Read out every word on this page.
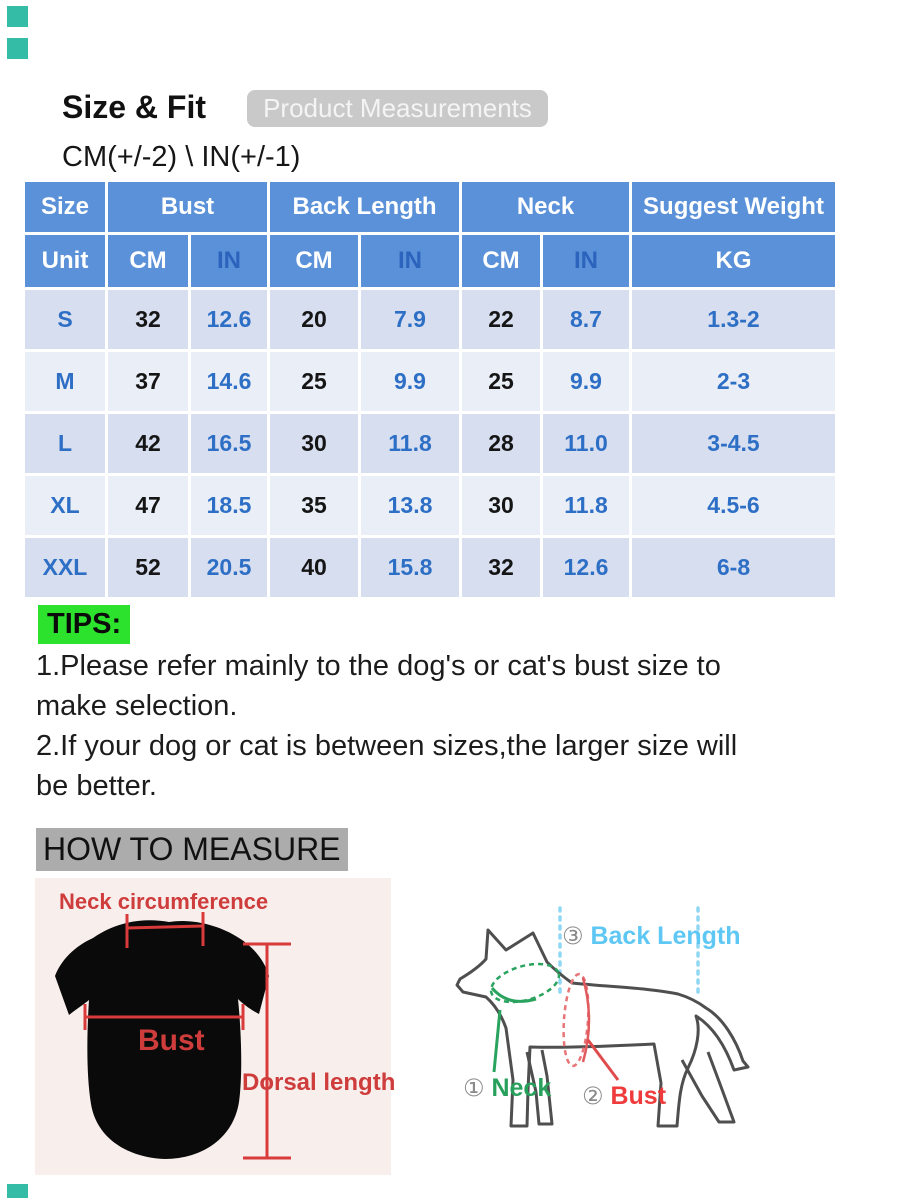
Size & Fit	Product Measurements
CM(+/-2) \ IN(+/-1)
Size	Bust	Back Length	Neck	Suggest Weight
Unit	CM	IN	CM	IN	CM	IN	KG
S	32	12.6	20	7.9	22	8.7	1.3-2
M	37	14.6	25	9.9	25	9.9	2-3
L	42	16.5	30	11.8	28	11.0	3-4.5
XL	47	18.5	35	13.8	30	11.8	4.5-6
XXL	52	20.5	40	15.8	32	12.6	6-8
TIPS:
1.Please refer mainly to the dog's or cat's bust size to
make selection.
2.If your dog or cat is between sizes,the larger size will
be better.
HOW TO MEASURE
Neck circumference
Bust
Dorsal length
③ Back Length
① Neck ② Bust
